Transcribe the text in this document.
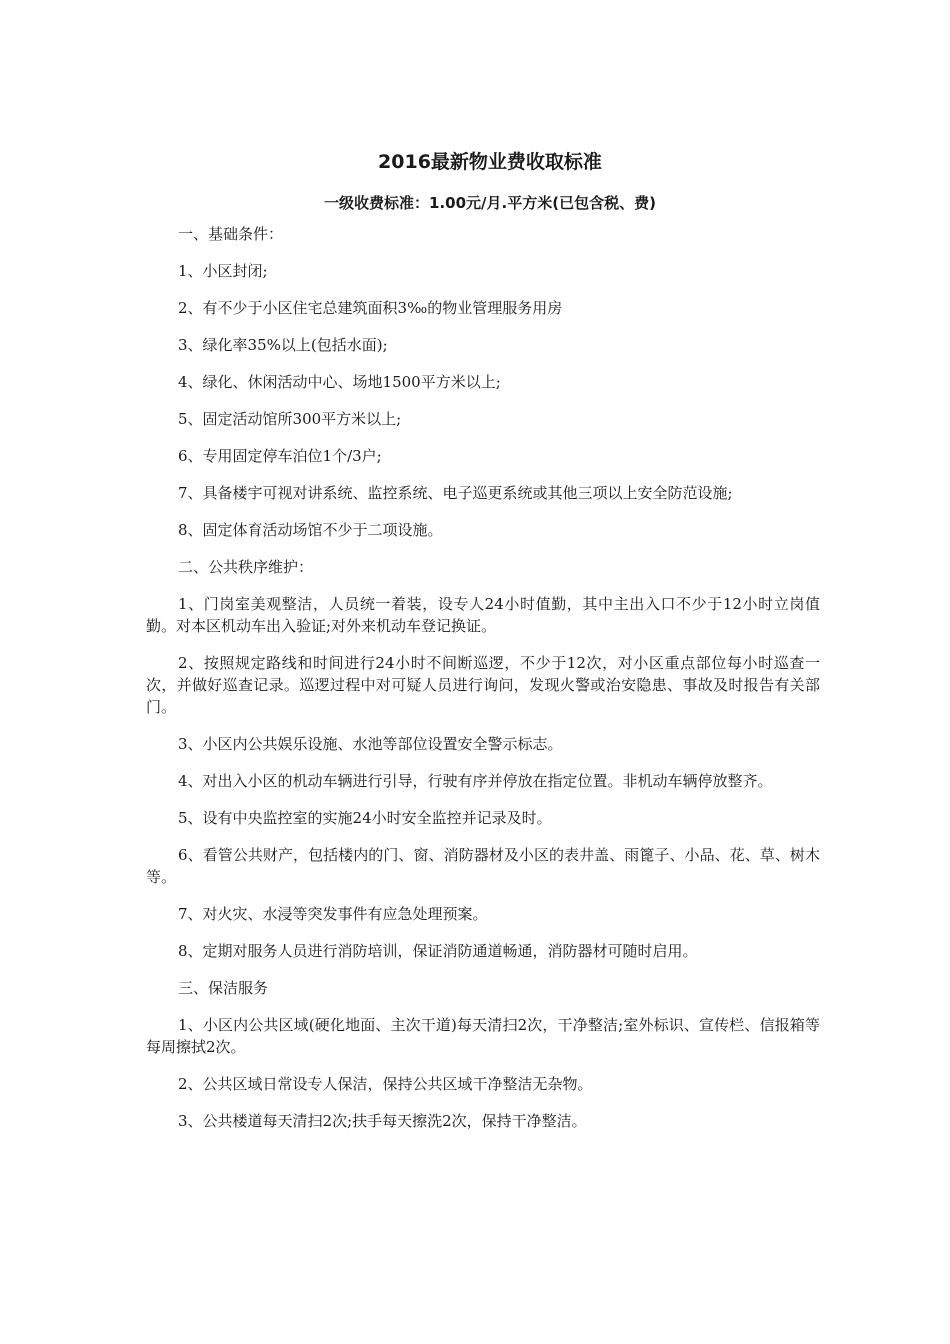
2016最新物业费收取标准

一级收费标准：1.00元/月.平方米(已包含税、费)

一、基础条件：

1、小区封闭;

2、有不少于小区住宅总建筑面积3‰的物业管理服务用房

3、绿化率35%以上(包括水面);

4、绿化、休闲活动中心、场地1500平方米以上;

5、固定活动馆所300平方米以上;

6、专用固定停车泊位1个/3户;

7、具备楼宇可视对讲系统、监控系统、电子巡更系统或其他三项以上安全防范设施;

8、固定体育活动场馆不少于二项设施。

二、公共秩序维护：

1、门岗室美观整洁，人员统一着装，设专人24小时值勤，其中主出入口不少于12小时立岗值勤。对本区机动车出入验证;对外来机动车登记换证。

2、按照规定路线和时间进行24小时不间断巡逻，不少于12次，对小区重点部位每小时巡查一次，并做好巡查记录。巡逻过程中对可疑人员进行询问，发现火警或治安隐患、事故及时报告有关部门。

3、小区内公共娱乐设施、水池等部位设置安全警示标志。

4、对出入小区的机动车辆进行引导，行驶有序并停放在指定位置。非机动车辆停放整齐。

5、设有中央监控室的实施24小时安全监控并记录及时。

6、看管公共财产，包括楼内的门、窗、消防器材及小区的表井盖、雨篦子、小品、花、草、树木等。

7、对火灾、水浸等突发事件有应急处理预案。

8、定期对服务人员进行消防培训，保证消防通道畅通，消防器材可随时启用。

三、保洁服务

1、小区内公共区域(硬化地面、主次干道)每天清扫2次，干净整洁;室外标识、宣传栏、信报箱等每周擦拭2次。

2、公共区域日常设专人保洁，保持公共区域干净整洁无杂物。

3、公共楼道每天清扫2次;扶手每天擦洗2次，保持干净整洁。
